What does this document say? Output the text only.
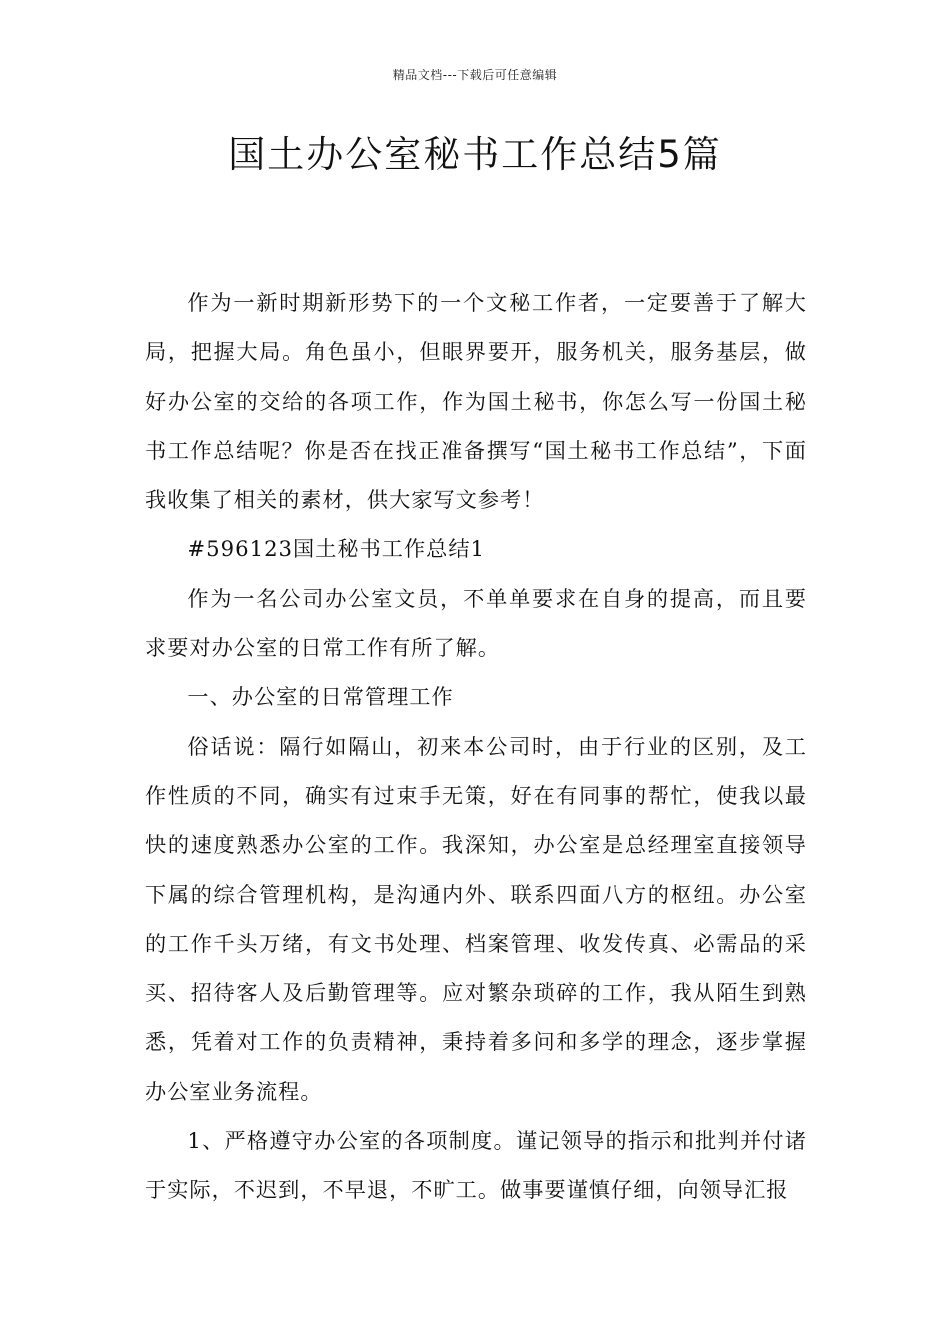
精品文档---下载后可任意编辑
国土办公室秘书工作总结5篇

作为一新时期新形势下的一个文秘工作者，一定要善于了解大局，把握大局。角色虽小，但眼界要开，服务机关，服务基层，做好办公室的交给的各项工作，作为国土秘书，你怎么写一份国土秘书工作总结呢？你是否在找正准备撰写“国土秘书工作总结”，下面我收集了相关的素材，供大家写文参考！

#596123国土秘书工作总结1

作为一名公司办公室文员，不单单要求在自身的提高，而且要求要对办公室的日常工作有所了解。

一、办公室的日常管理工作

俗话说：隔行如隔山，初来本公司时，由于行业的区别，及工作性质的不同，确实有过束手无策，好在有同事的帮忙，使我以最快的速度熟悉办公室的工作。我深知，办公室是总经理室直接领导下属的综合管理机构，是沟通内外、联系四面八方的枢纽。办公室的工作千头万绪，有文书处理、档案管理、收发传真、必需品的采买、招待客人及后勤管理等。应对繁杂琐碎的工作，我从陌生到熟悉，凭着对工作的负责精神，秉持着多问和多学的理念，逐步掌握办公室业务流程。

1、严格遵守办公室的各项制度。谨记领导的指示和批判并付诸于实际，不迟到，不早退，不旷工。做事要谨慎仔细，向领导汇报
